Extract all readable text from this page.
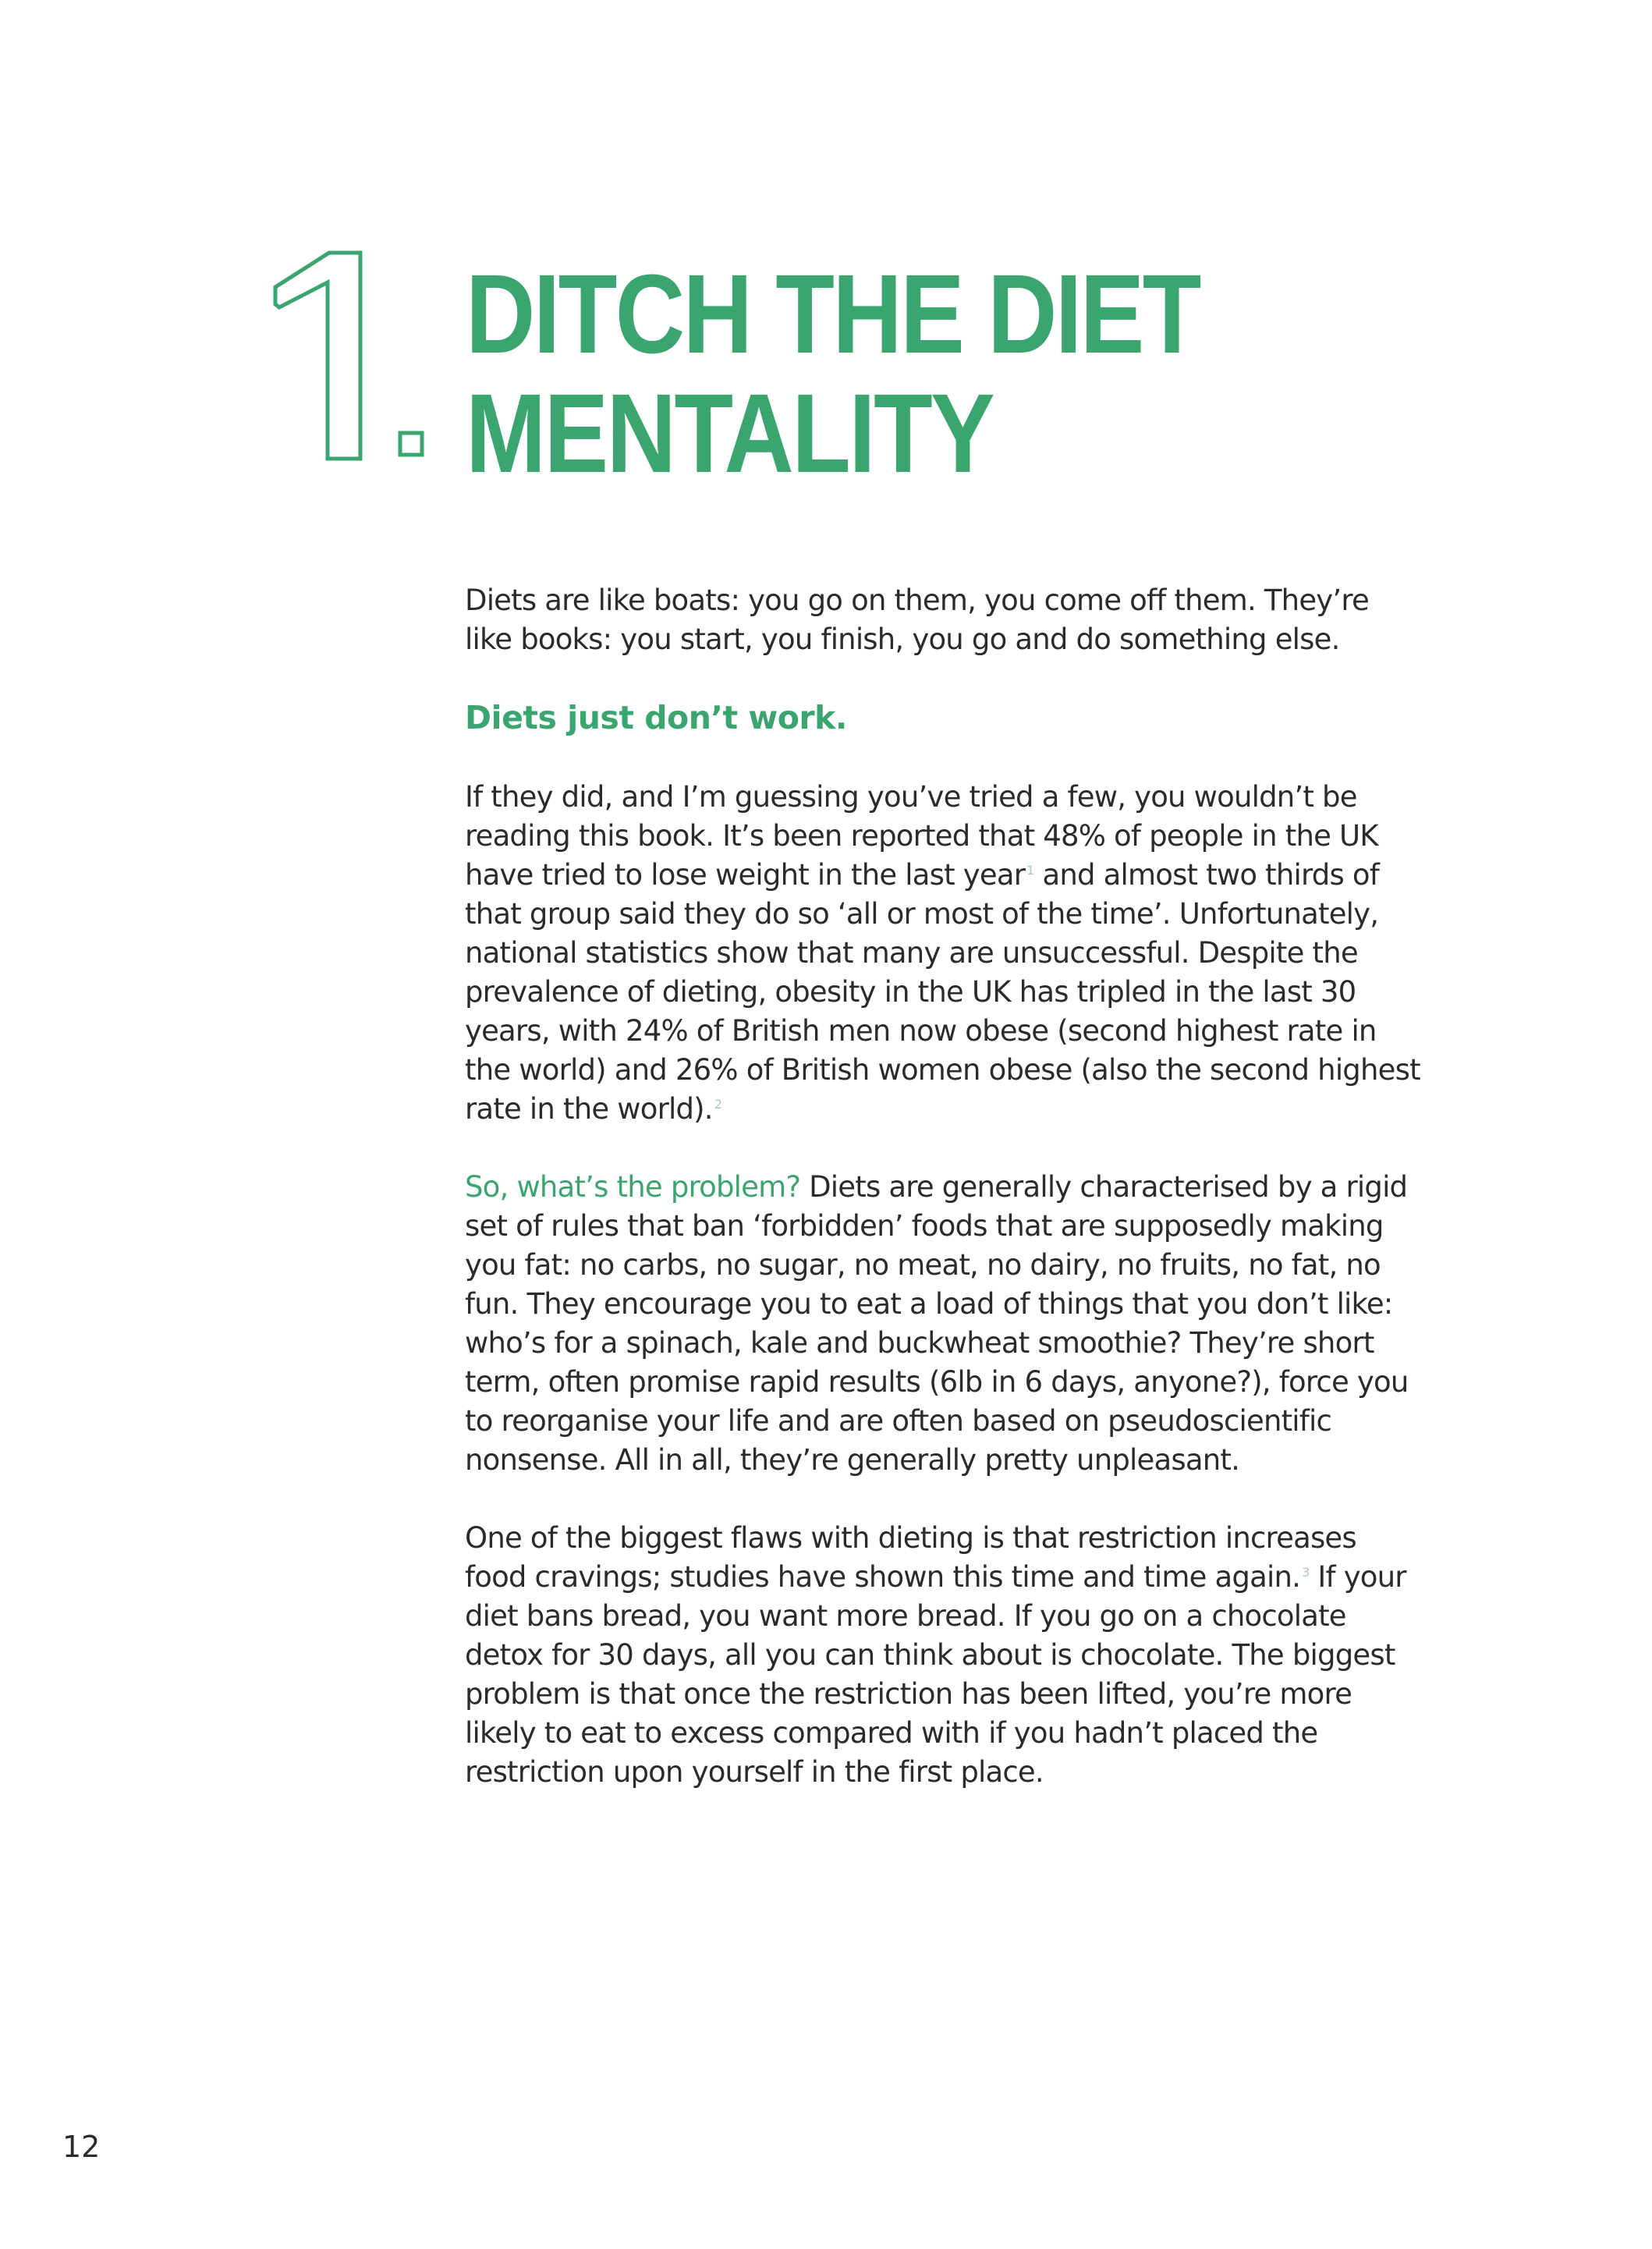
1
DITCH THE DIET
MENTALITY

Diets are like boats: you go on them, you come off them. They’re like books: you start, you finish, you go and do something else.

Diets just don’t work.

If they did, and I’m guessing you’ve tried a few, you wouldn’t be reading this book. It’s been reported that 48% of people in the UK have tried to lose weight in the last year $^1$ and almost two thirds of that group said they do so ‘all or most of the time’. Unfortunately, national statistics show that many are unsuccessful. Despite the prevalence of dieting, obesity in the UK has tripled in the last 30 years, with 24% of British men now obese (second highest rate in the world) and 26% of British women obese (also the second highest rate in the world). $^2$

So, what’s the problem? Diets are generally characterised by a rigid set of rules that ban ‘forbidden’ foods that are supposedly making you fat: no carbs, no sugar, no meat, no dairy, no fruits, no fat, no fun. They encourage you to eat a load of things that you don’t like: who’s for a spinach, kale and buckwheat smoothie? They’re short term, often promise rapid results (6lb in 6 days, anyone?), force you to reorganise your life and are often based on pseudoscientific nonsense. All in all, they’re generally pretty unpleasant.

One of the biggest flaws with dieting is that restriction increases food cravings; studies have shown this time and time again. $^3$ If your diet bans bread, you want more bread. If you go on a chocolate detox for 30 days, all you can think about is chocolate. The biggest problem is that once the restriction has been lifted, you’re more likely to eat to excess compared with if you hadn’t placed the restriction upon yourself in the first place.

12
